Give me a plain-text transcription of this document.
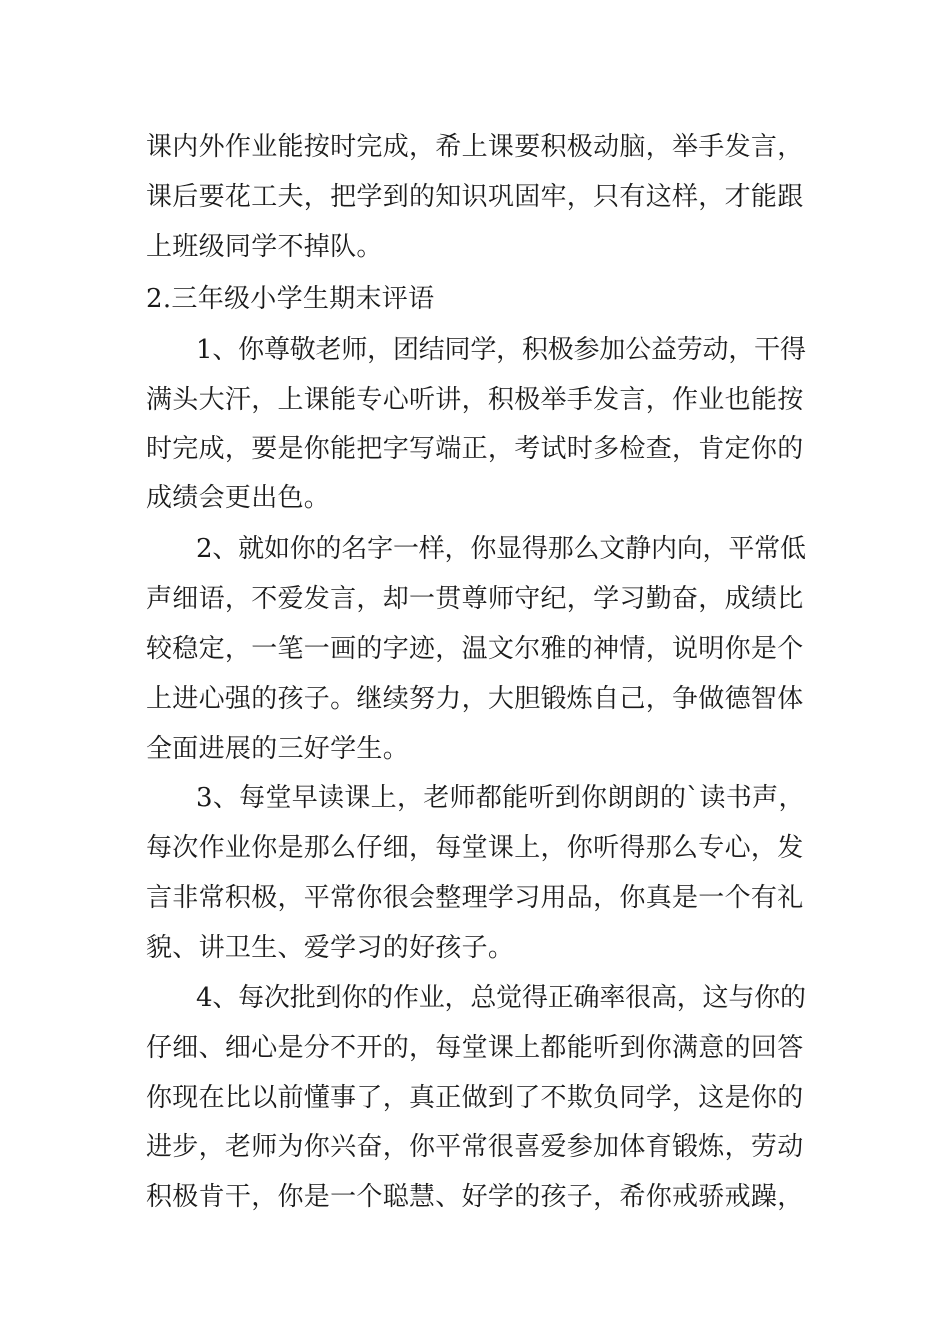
课内外作业能按时完成，希上课要积极动脑，举手发言，
课后要花工夫，把学到的知识巩固牢，只有这样，才能跟
上班级同学不掉队。
2.三年级小学生期末评语
1、你尊敬老师，团结同学，积极参加公益劳动，干得
满头大汗，上课能专心听讲，积极举手发言，作业也能按
时完成，要是你能把字写端正，考试时多检查，肯定你的
成绩会更出色。
2、就如你的名字一样，你显得那么文静内向，平常低
声细语，不爱发言，却一贯尊师守纪，学习勤奋，成绩比
较稳定，一笔一画的字迹，温文尔雅的神情，说明你是个
上进心强的孩子。继续努力，大胆锻炼自己，争做德智体
全面进展的三好学生。
3、每堂早读课上，老师都能听到你朗朗的`读书声，
每次作业你是那么仔细，每堂课上，你听得那么专心，发
言非常积极，平常你很会整理学习用品，你真是一个有礼
貌、讲卫生、爱学习的好孩子。
4、每次批到你的作业，总觉得正确率很高，这与你的
仔细、细心是分不开的，每堂课上都能听到你满意的回答
你现在比以前懂事了，真正做到了不欺负同学，这是你的
进步，老师为你兴奋，你平常很喜爱参加体育锻炼，劳动
积极肯干，你是一个聪慧、好学的孩子，希你戒骄戒躁，
